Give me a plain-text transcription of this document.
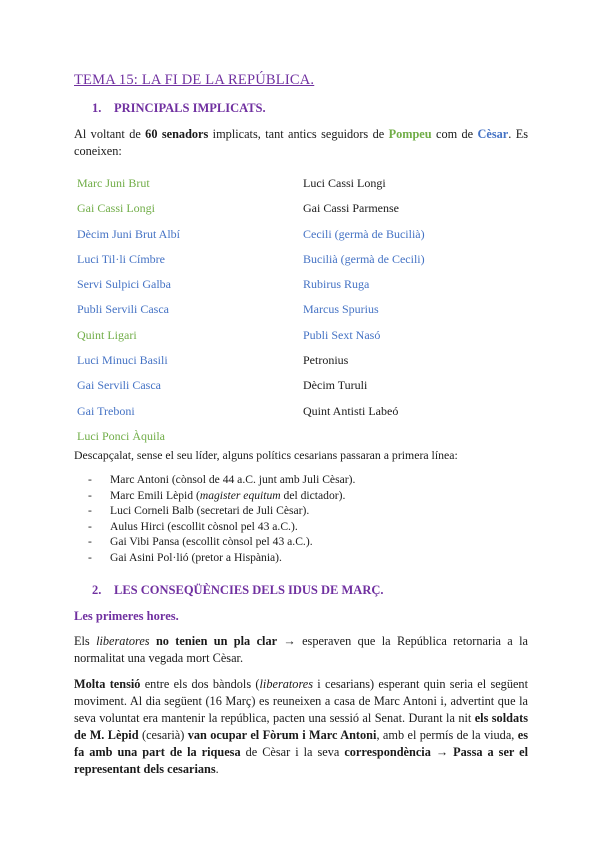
TEMA 15: LA FI DE LA REPÚBLICA.
1. PRINCIPALS IMPLICATS.
Al voltant de 60 senadors implicats, tant antics seguidors de Pompeu com de Cèsar. Es coneixen:
Marc Juni Brut
Gai Cassi Longi
Dècim Juni Brut Albí
Luci Til·li Címbre
Servi Sulpici Galba
Publi Servili Casca
Quint Ligari
Luci Minuci Basili
Gai Servili Casca
Gai Treboni
Luci Ponci Àquila
Luci Cassi Longi
Gai Cassi Parmense
Cecili (germà de Bucilià)
Bucilià (germà de Cecili)
Rubirus Ruga
Marcus Spurius
Publi Sext Nasó
Petronius
Dècim Turuli
Quint Antisti Labeó
Descapçalat, sense el seu líder, alguns polítics cesarians passaran a primera línea:
- Marc Antoni (cònsol de 44 a.C. junt amb Juli Cèsar).
- Marc Emili Lèpid (magister equitum del dictador).
- Luci Corneli Balb (secretari de Juli Cèsar).
- Aulus Hirci (escollit còsnol pel 43 a.C.).
- Gai Vibi Pansa (escollit cònsol pel 43 a.C.).
- Gai Asini Pol·lió (pretor a Hispània).
2. LES CONSEQÜÈNCIES DELS IDUS DE MARÇ.
Les primeres hores.
Els liberatores no tenien un pla clar → esperaven que la República retornaria a la normalitat una vegada mort Cèsar.
Molta tensió entre els dos bàndols (liberatores i cesarians) esperant quin seria el següent moviment. Al dia següent (16 Març) es reuneixen a casa de Marc Antoni i, advertint que la seva voluntat era mantenir la república, pacten una sessió al Senat. Durant la nit els soldats de M. Lèpid (cesarià) van ocupar el Fòrum i Marc Antoni, amb el permís de la viuda, es fa amb una part de la riquesa de Cèsar i la seva correspondència → Passa a ser el representant dels cesarians.
